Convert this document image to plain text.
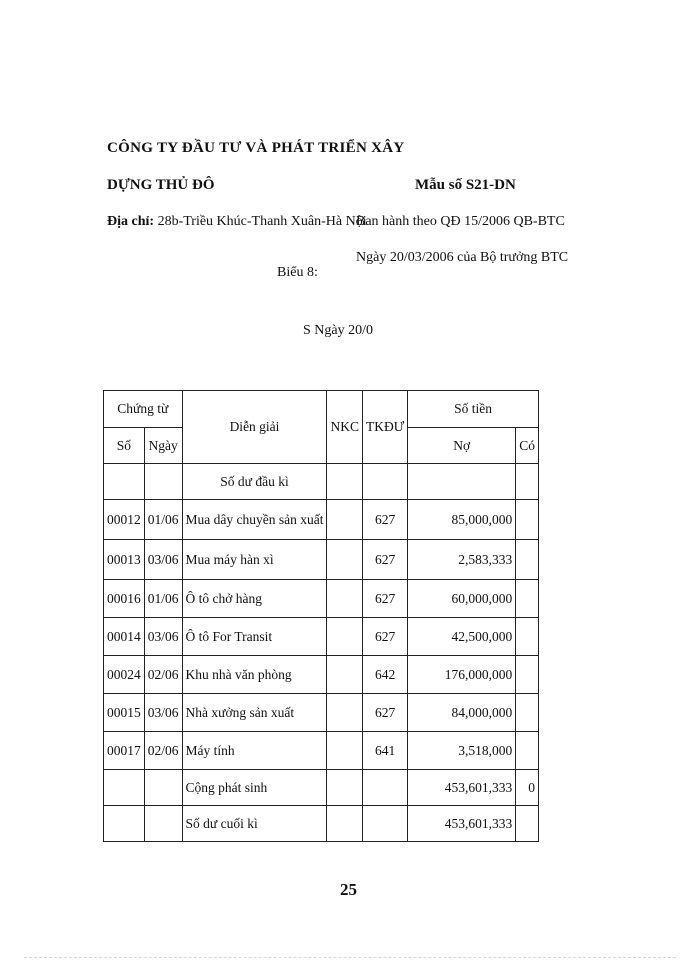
CÔNG TY ĐẦU TƯ VÀ PHÁT TRIỂN XÂY
DỰNG THỦ ĐÔ	Mẫu số S21-DN
Địa chỉ: 28b-Triều Khúc-Thanh Xuân-Hà Nội
Ban hành theo QĐ 15/2006 QB-BTC
Ngày 20/03/2006 của Bộ trưởng BTC
Biểu 8:
S Ngày 20/0
Chứng từ		Diễn giải	NKC	TKĐƯ	Số tiền	
Số	Ngày				Nợ	Có
		Số dư đầu kì				
00012	01/06	Mua dây chuyền sản xuất		627	85,000,000	
00013	03/06	Mua máy hàn xì		627	2,583,333	
00016	01/06	Ô tô chở hàng		627	60,000,000	
00014	03/06	Ô tô For Transit		627	42,500,000	
00024	02/06	Khu nhà văn phòng		642	176,000,000	
00015	03/06	Nhà xưởng sản xuất		627	84,000,000	
00017	02/06	Máy tính		641	3,518,000	
		Cộng phát sinh			453,601,333	0
		Số dư cuối kì			453,601,333	
25
